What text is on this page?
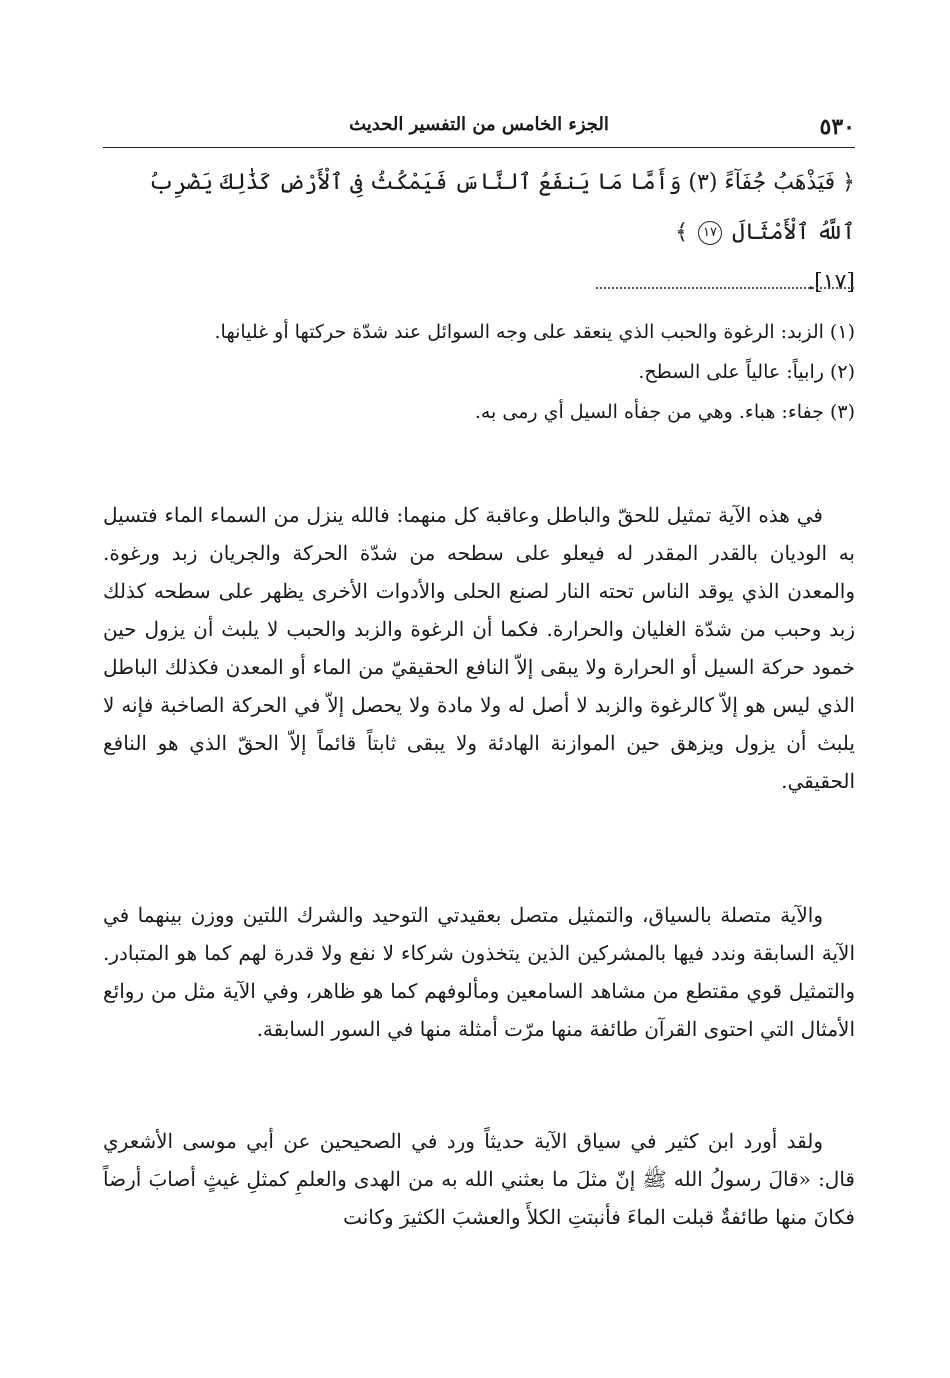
٥٣٠
الجزء الخامس من التفسير الحديث
﴿ فَيَذْهَبُ جُفَآءً (٣) وَأَمَّا مَا يَنفَعُ ٱلنَّاسَ فَيَمْكُثُ فِى ٱلْأَرْضِ كَذَٰلِكَ يَضْرِبُ ٱللَّهُ ٱلْأَمْثَالَ ١٧ ﴾
[١٧].

(١) الزبد: الرغوة والحبب الذي ينعقد على وجه السوائل عند شدّة حركتها أو غليانها.

(٢) رابياً: عالياً على السطح.

(٣) جفاء: هباء. وهي من جفأه السيل أي رمى به.

في هذه الآية تمثيل للحقّ والباطل وعاقبة كل منهما: فالله ينزل من السماء الماء فتسيل به الوديان بالقدر المقدر له فيعلو على سطحه من شدّة الحركة والجريان زبد ورغوة. والمعدن الذي يوقد الناس تحته النار لصنع الحلى والأدوات الأخرى يظهر على سطحه كذلك زبد وحبب من شدّة الغليان والحرارة. فكما أن الرغوة والزبد والحبب لا يلبث أن يزول حين خمود حركة السيل أو الحرارة ولا يبقى إلاّ النافع الحقيقيّ من الماء أو المعدن فكذلك الباطل الذي ليس هو إلاّ كالرغوة والزبد لا أصل له ولا مادة ولا يحصل إلاّ في الحركة الصاخبة فإنه لا يلبث أن يزول ويزهق حين الموازنة الهادئة ولا يبقى ثابتاً قائماً إلاّ الحقّ الذي هو النافع الحقيقي.

والآية متصلة بالسياق، والتمثيل متصل بعقيدتي التوحيد والشرك اللتين ووزن بينهما في الآية السابقة وندد فيها بالمشركين الذين يتخذون شركاء لا نفع ولا قدرة لهم كما هو المتبادر. والتمثيل قوي مقتطع من مشاهد السامعين ومألوفهم كما هو ظاهر، وفي الآية مثل من روائع الأمثال التي احتوى القرآن طائفة منها مرّت أمثلة منها في السور السابقة.

ولقد أورد ابن كثير في سياق الآية حديثاً ورد في الصحيحين عن أبي موسى الأشعري قال: «قالَ رسولُ الله ﷺ إنّ مثلَ ما بعثني الله به من الهدى والعلمِ كمثلِ غيثٍ أصابَ أرضاً فكانَ منها طائفةٌ قبلت الماءَ فأنبتتِ الكلأَ والعشبَ الكثيرَ وكانت
